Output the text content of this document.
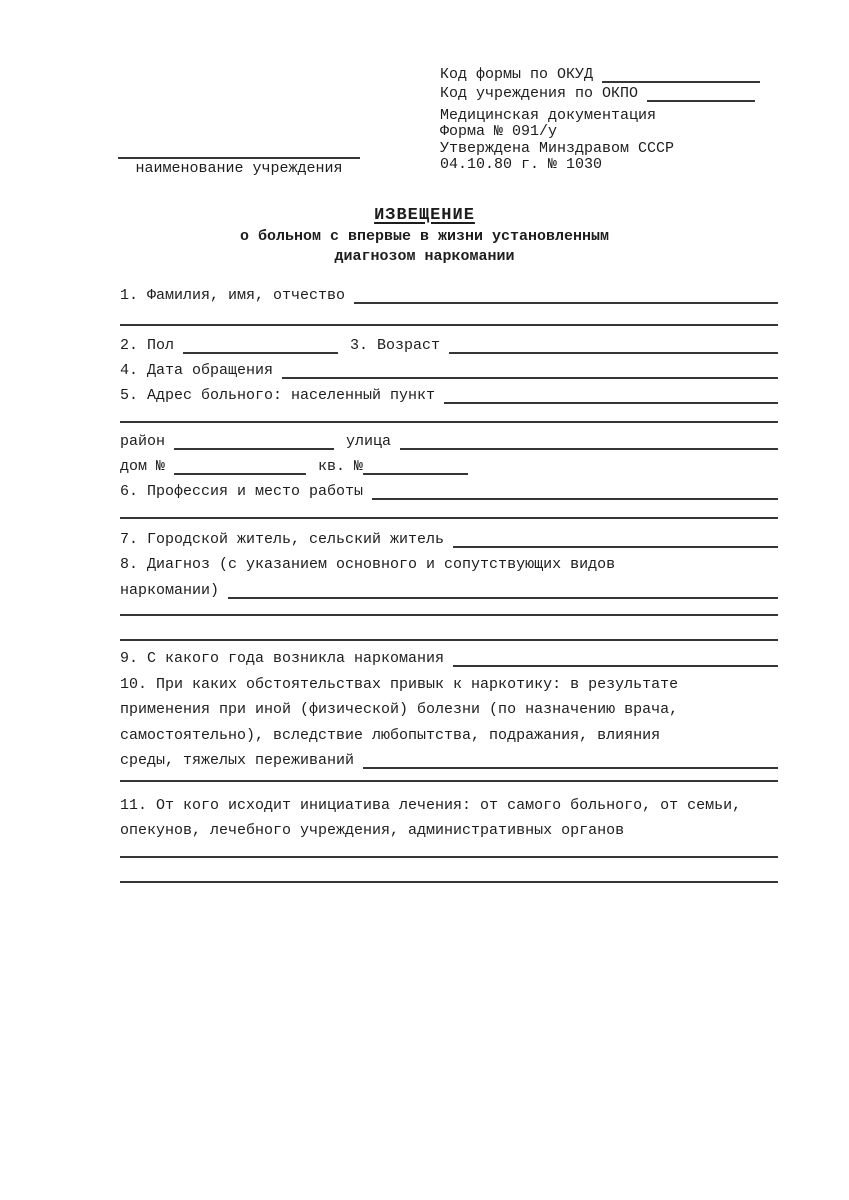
Код формы по ОКУД
Код учреждения по ОКПО
Медицинская документация
Форма № 091/у
Утверждена Минздравом СССР
04.10.80 г. № 1030
наименование учреждения
ИЗВЕЩЕНИЕ
о больном с впервые в жизни установленным
диагнозом наркомании
1. Фамилия, имя, отчество
2. Пол	3. Возраст
4. Дата обращения
5. Адрес больного: населенный пункт
район	улица
дом №	кв. №
6. Профессия и место работы
7. Городской житель, сельский житель
8. Диагноз (с указанием основного и сопутствующих видов
наркомании)
9. С какого года возникла наркомания
10. При каких обстоятельствах привык к наркотику: в результате
применения при иной (физической) болезни (по назначению врача,
самостоятельно), вследствие любопытства, подражания, влияния
среды, тяжелых переживаний
11. От кого исходит инициатива лечения: от самого больного, от семьи,
опекунов, лечебного учреждения, административных органов
